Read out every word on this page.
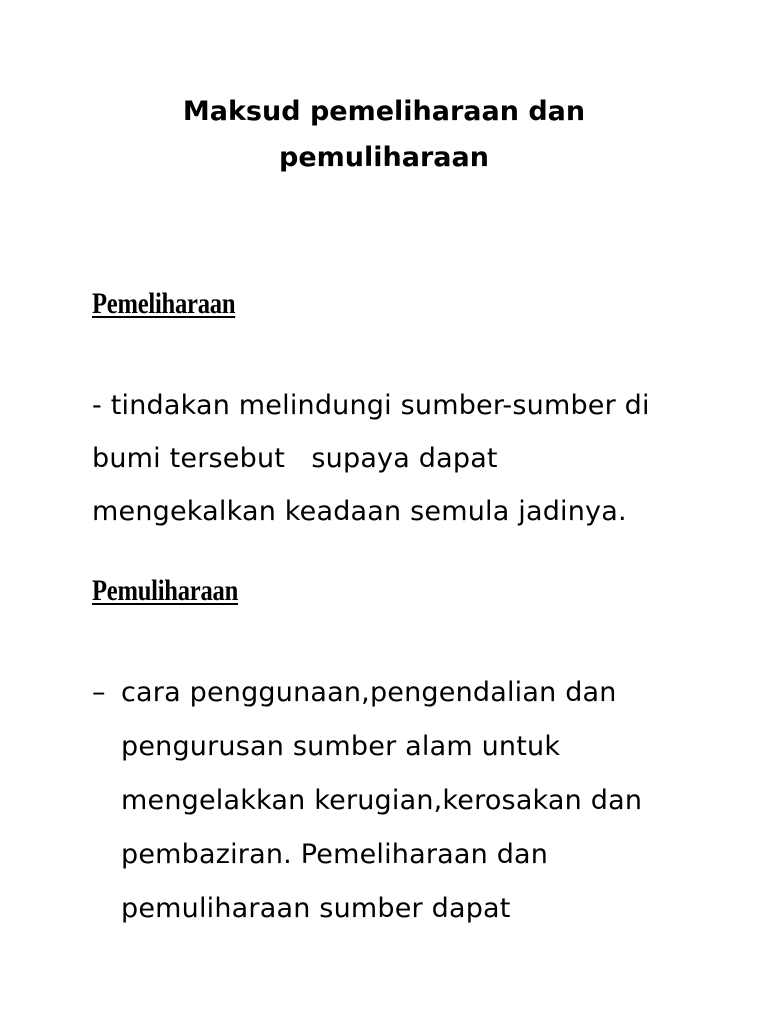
Maksud pemeliharaan dan
pemuliharaan
Pemeliharaan
- tindakan melindungi sumber-sumber di
bumi tersebut   supaya dapat
mengekalkan keadaan semula jadinya.
Pemuliharaan
– cara penggunaan,pengendalian dan
pengurusan sumber alam untuk
mengelakkan kerugian,kerosakan dan
pembaziran. Pemeliharaan dan
pemuliharaan sumber dapat
